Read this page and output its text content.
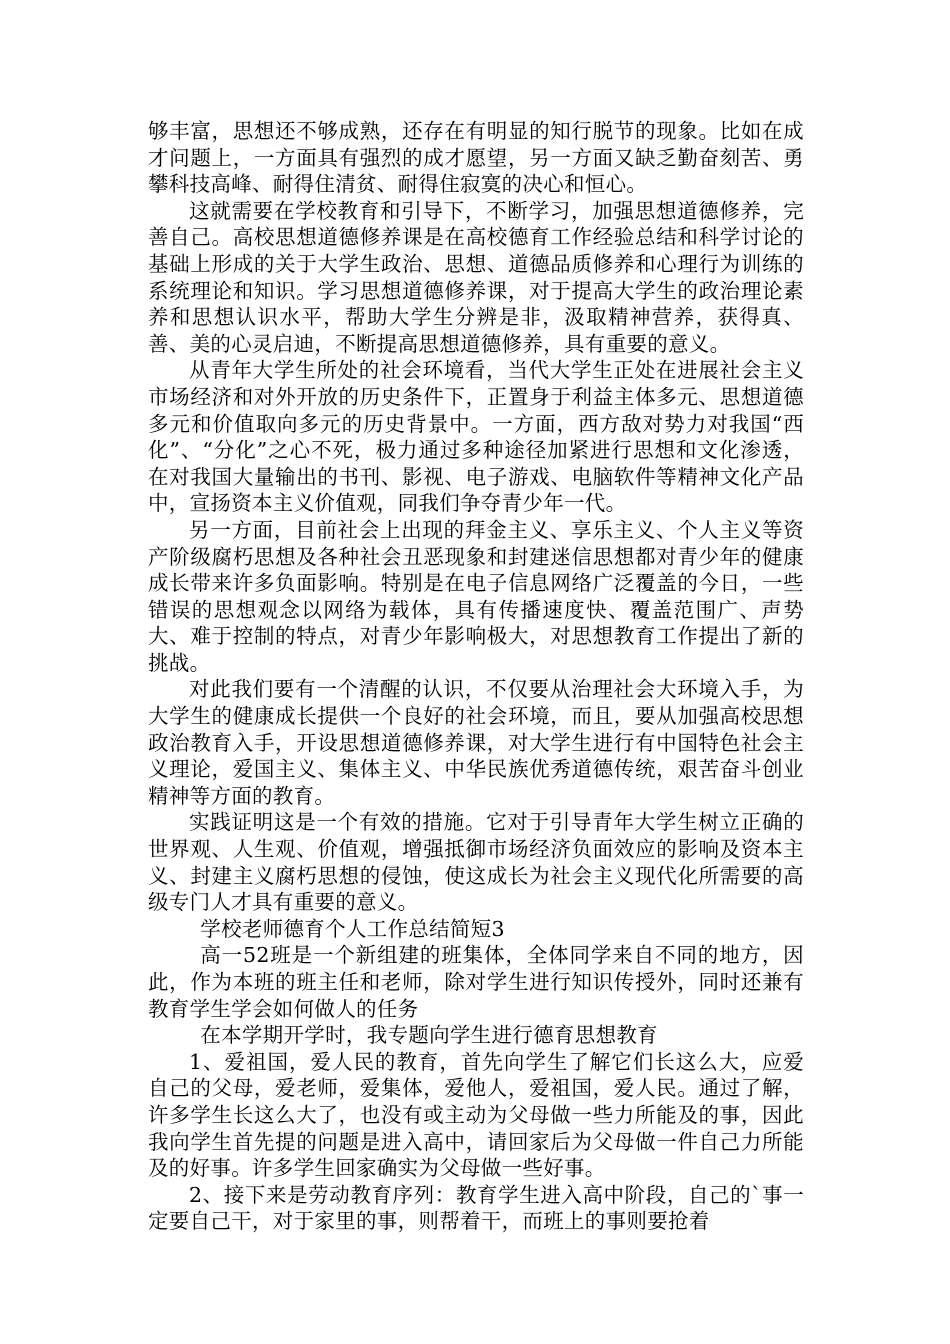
够丰富，思想还不够成熟，还存在有明显的知行脱节的现象。比如在成才问题上，一方面具有强烈的成才愿望，另一方面又缺乏勤奋刻苦、勇攀科技高峰、耐得住清贫、耐得住寂寞的决心和恒心。

这就需要在学校教育和引导下，不断学习，加强思想道德修养，完善自己。高校思想道德修养课是在高校德育工作经验总结和科学讨论的基础上形成的关于大学生政治、思想、道德品质修养和心理行为训练的系统理论和知识。学习思想道德修养课，对于提高大学生的政治理论素养和思想认识水平，帮助大学生分辨是非，汲取精神营养，获得真、善、美的心灵启迪，不断提高思想道德修养，具有重要的意义。

从青年大学生所处的社会环境看，当代大学生正处在进展社会主义市场经济和对外开放的历史条件下，正置身于利益主体多元、思想道德多元和价值取向多元的历史背景中。一方面，西方敌对势力对我国“西化”、“分化”之心不死，极力通过多种途径加紧进行思想和文化渗透，在对我国大量输出的书刊、影视、电子游戏、电脑软件等精神文化产品中，宣扬资本主义价值观，同我们争夺青少年一代。

另一方面，目前社会上出现的拜金主义、享乐主义、个人主义等资产阶级腐朽思想及各种社会丑恶现象和封建迷信思想都对青少年的健康成长带来许多负面影响。特别是在电子信息网络广泛覆盖的今日，一些错误的思想观念以网络为载体，具有传播速度快、覆盖范围广、声势大、难于控制的特点，对青少年影响极大，对思想教育工作提出了新的挑战。

对此我们要有一个清醒的认识，不仅要从治理社会大环境入手，为大学生的健康成长提供一个良好的社会环境，而且，要从加强高校思想政治教育入手，开设思想道德修养课，对大学生进行有中国特色社会主义理论，爱国主义、集体主义、中华民族优秀道德传统，艰苦奋斗创业精神等方面的教育。

实践证明这是一个有效的措施。它对于引导青年大学生树立正确的世界观、人生观、价值观，增强抵御市场经济负面效应的影响及资本主义、封建主义腐朽思想的侵蚀，使这成长为社会主义现代化所需要的高级专门人才具有重要的意义。

学校老师德育个人工作总结简短3

高一52班是一个新组建的班集体，全体同学来自不同的地方，因此，作为本班的班主任和老师，除对学生进行知识传授外，同时还兼有教育学生学会如何做人的任务

在本学期开学时，我专题向学生进行德育思想教育

1、爱祖国，爱人民的教育，首先向学生了解它们长这么大，应爱自己的父母，爱老师，爱集体，爱他人，爱祖国，爱人民。通过了解，许多学生长这么大了，也没有或主动为父母做一些力所能及的事，因此我向学生首先提的问题是进入高中，请回家后为父母做一件自己力所能及的好事。许多学生回家确实为父母做一些好事。

2、接下来是劳动教育序列：教育学生进入高中阶段，自己的`事一定要自己干，对于家里的事，则帮着干，而班上的事则要抢着
